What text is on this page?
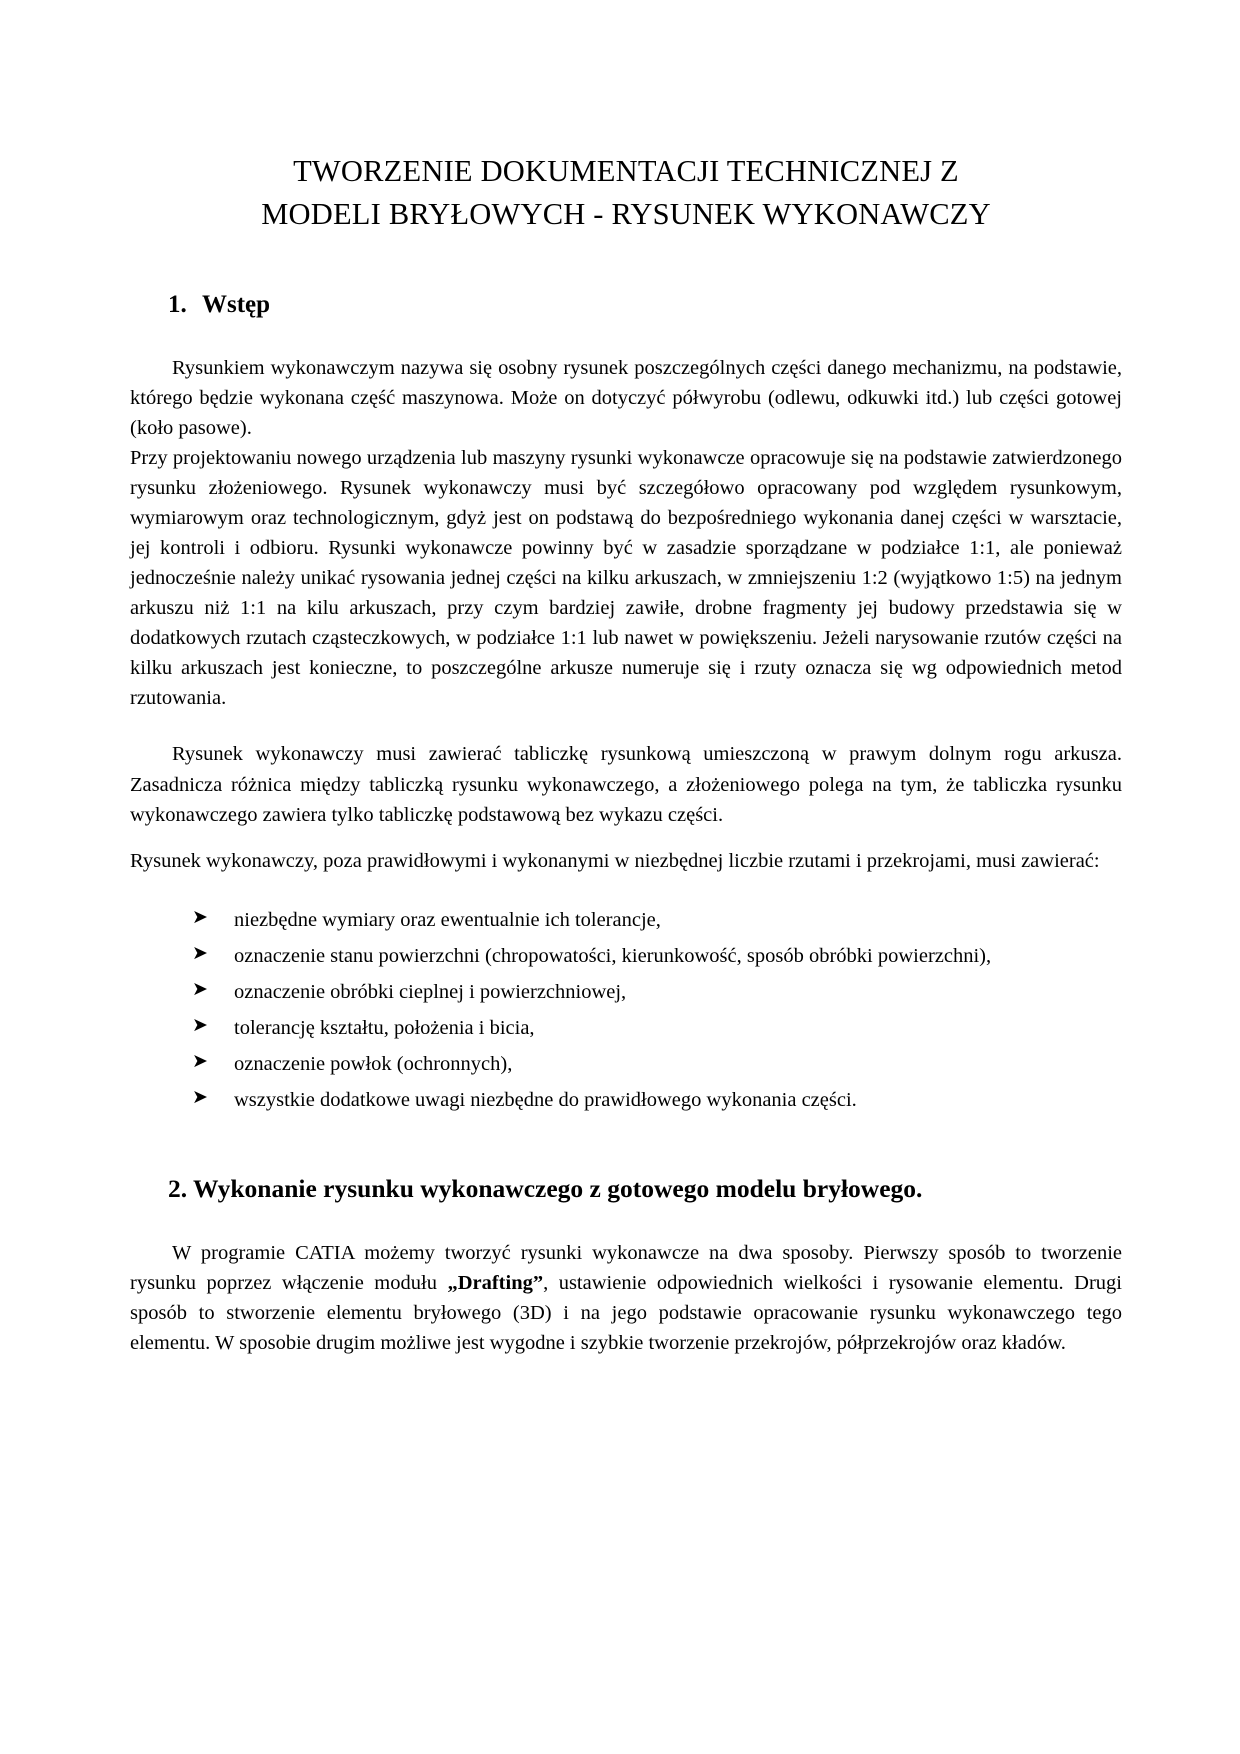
TWORZENIE DOKUMENTACJI TECHNICZNEJ Z
MODELI BRYŁOWYCH - RYSUNEK WYKONAWCZY
1. Wstęp

Rysunkiem wykonawczym nazywa się osobny rysunek poszczególnych części danego mechanizmu, na podstawie, którego będzie wykonana część maszynowa. Może on dotyczyć półwyrobu (odlewu, odkuwki itd.) lub części gotowej (koło pasowe).

Przy projektowaniu nowego urządzenia lub maszyny rysunki wykonawcze opracowuje się na podstawie zatwierdzonego rysunku złożeniowego. Rysunek wykonawczy musi być szczegółowo opracowany pod względem rysunkowym, wymiarowym oraz technologicznym, gdyż jest on podstawą do bezpośredniego wykonania danej części w warsztacie, jej kontroli i odbioru. Rysunki wykonawcze powinny być w zasadzie sporządzane w podziałce 1:1, ale ponieważ jednocześnie należy unikać rysowania jednej części na kilku arkuszach, w zmniejszeniu 1:2 (wyjątkowo 1:5) na jednym arkuszu niż 1:1 na kilu arkuszach, przy czym bardziej zawiłe, drobne fragmenty jej budowy przedstawia się w dodatkowych rzutach cząsteczkowych, w podziałce 1:1 lub nawet w powiększeniu. Jeżeli narysowanie rzutów części na kilku arkuszach jest konieczne, to poszczególne arkusze numeruje się i rzuty oznacza się wg odpowiednich metod rzutowania.

Rysunek wykonawczy musi zawierać tabliczkę rysunkową umieszczoną w prawym dolnym rogu arkusza. Zasadnicza różnica między tabliczką rysunku wykonawczego, a złożeniowego polega na tym, że tabliczka rysunku wykonawczego zawiera tylko tabliczkę podstawową bez wykazu części.

Rysunek wykonawczy, poza prawidłowymi i wykonanymi w niezbędnej liczbie rzutami i przekrojami, musi zawierać:

➤ niezbędne wymiary oraz ewentualnie ich tolerancje,
➤ oznaczenie stanu powierzchni (chropowatości, kierunkowość, sposób obróbki powierzchni),
➤ oznaczenie obróbki cieplnej i powierzchniowej,
➤ tolerancję kształtu, położenia i bicia,
➤ oznaczenie powłok (ochronnych),
➤ wszystkie dodatkowe uwagi niezbędne do prawidłowego wykonania części.
2. Wykonanie rysunku wykonawczego z gotowego modelu bryłowego.

W programie CATIA możemy tworzyć rysunki wykonawcze na dwa sposoby. Pierwszy sposób to tworzenie rysunku poprzez włączenie modułu „Drafting”, ustawienie odpowiednich wielkości i rysowanie elementu. Drugi sposób to stworzenie elementu bryłowego (3D) i na jego podstawie opracowanie rysunku wykonawczego tego elementu. W sposobie drugim możliwe jest wygodne i szybkie tworzenie przekrojów, półprzekrojów oraz kładów.
